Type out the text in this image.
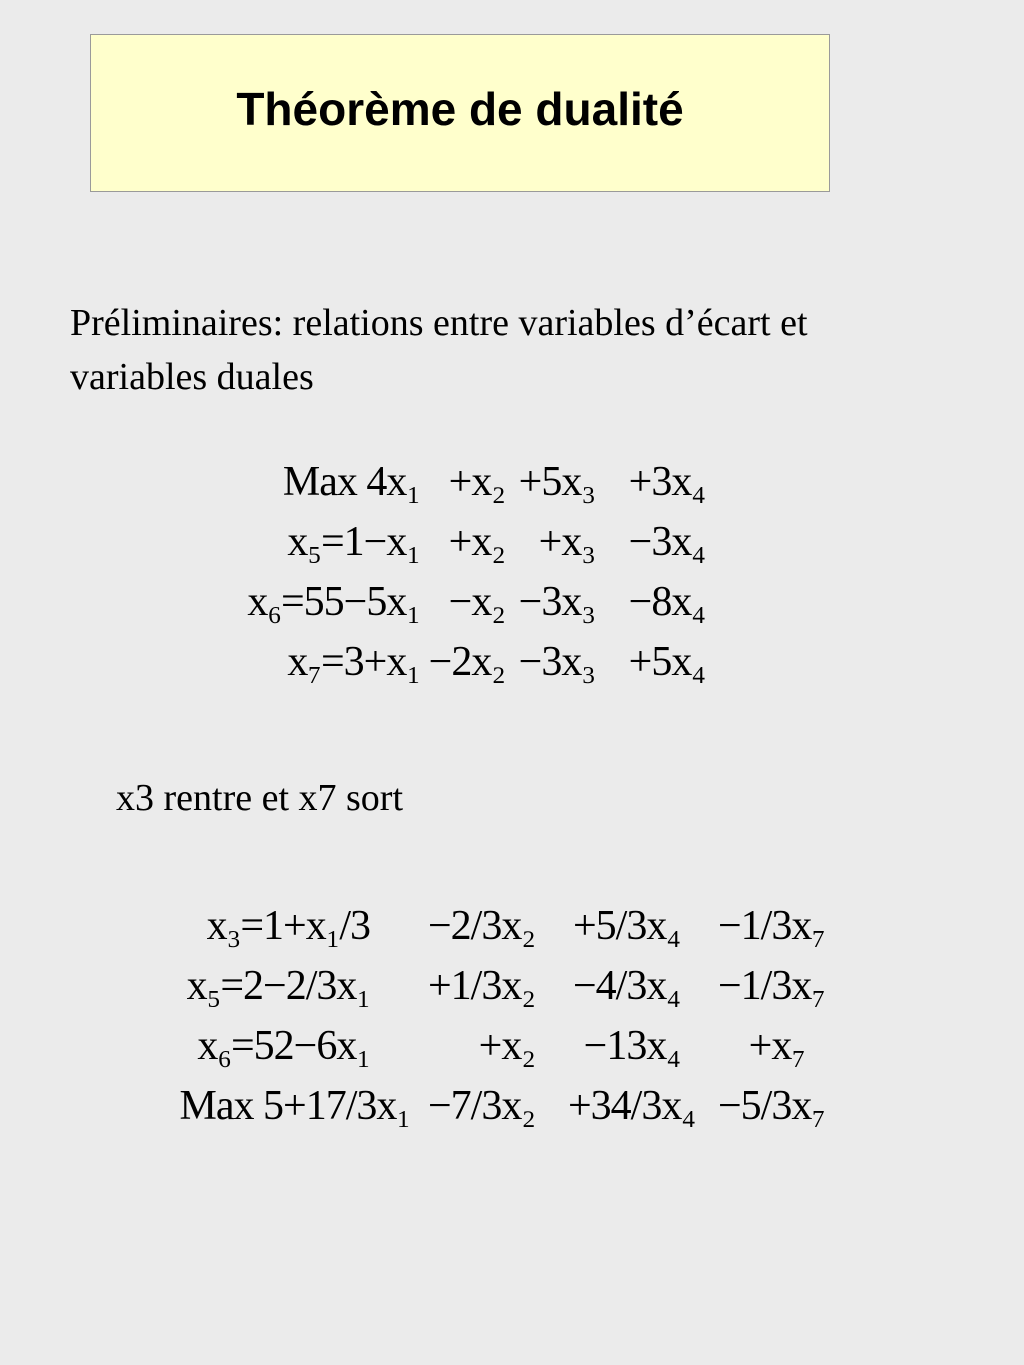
Théorème de dualité
Préliminaires: relations entre variables d’écart et variables duales
Max 4x₁ +x₂ +5x₃ +3x₄
x₅=1−x₁ +x₂ +x₃ −3x₄
x₆=55−5x₁ −x₂ −3x₃ −8x₄
x₇=3+x₁ −2x₂ −3x₃ +5x₄
x3 rentre et x7 sort
x₃=1+x₁/3	−2/3x₂ +5/3x₄ −1/3x₇
x₅=2−2/3x₁	+1/3x₂ −4/3x₄ −1/3x₇
x₆=52−6x₁	+x₂	−13x₄	+x₇
Max 5+17/3x₁ −7/3x₂ +34/3x₄ −5/3x₇
